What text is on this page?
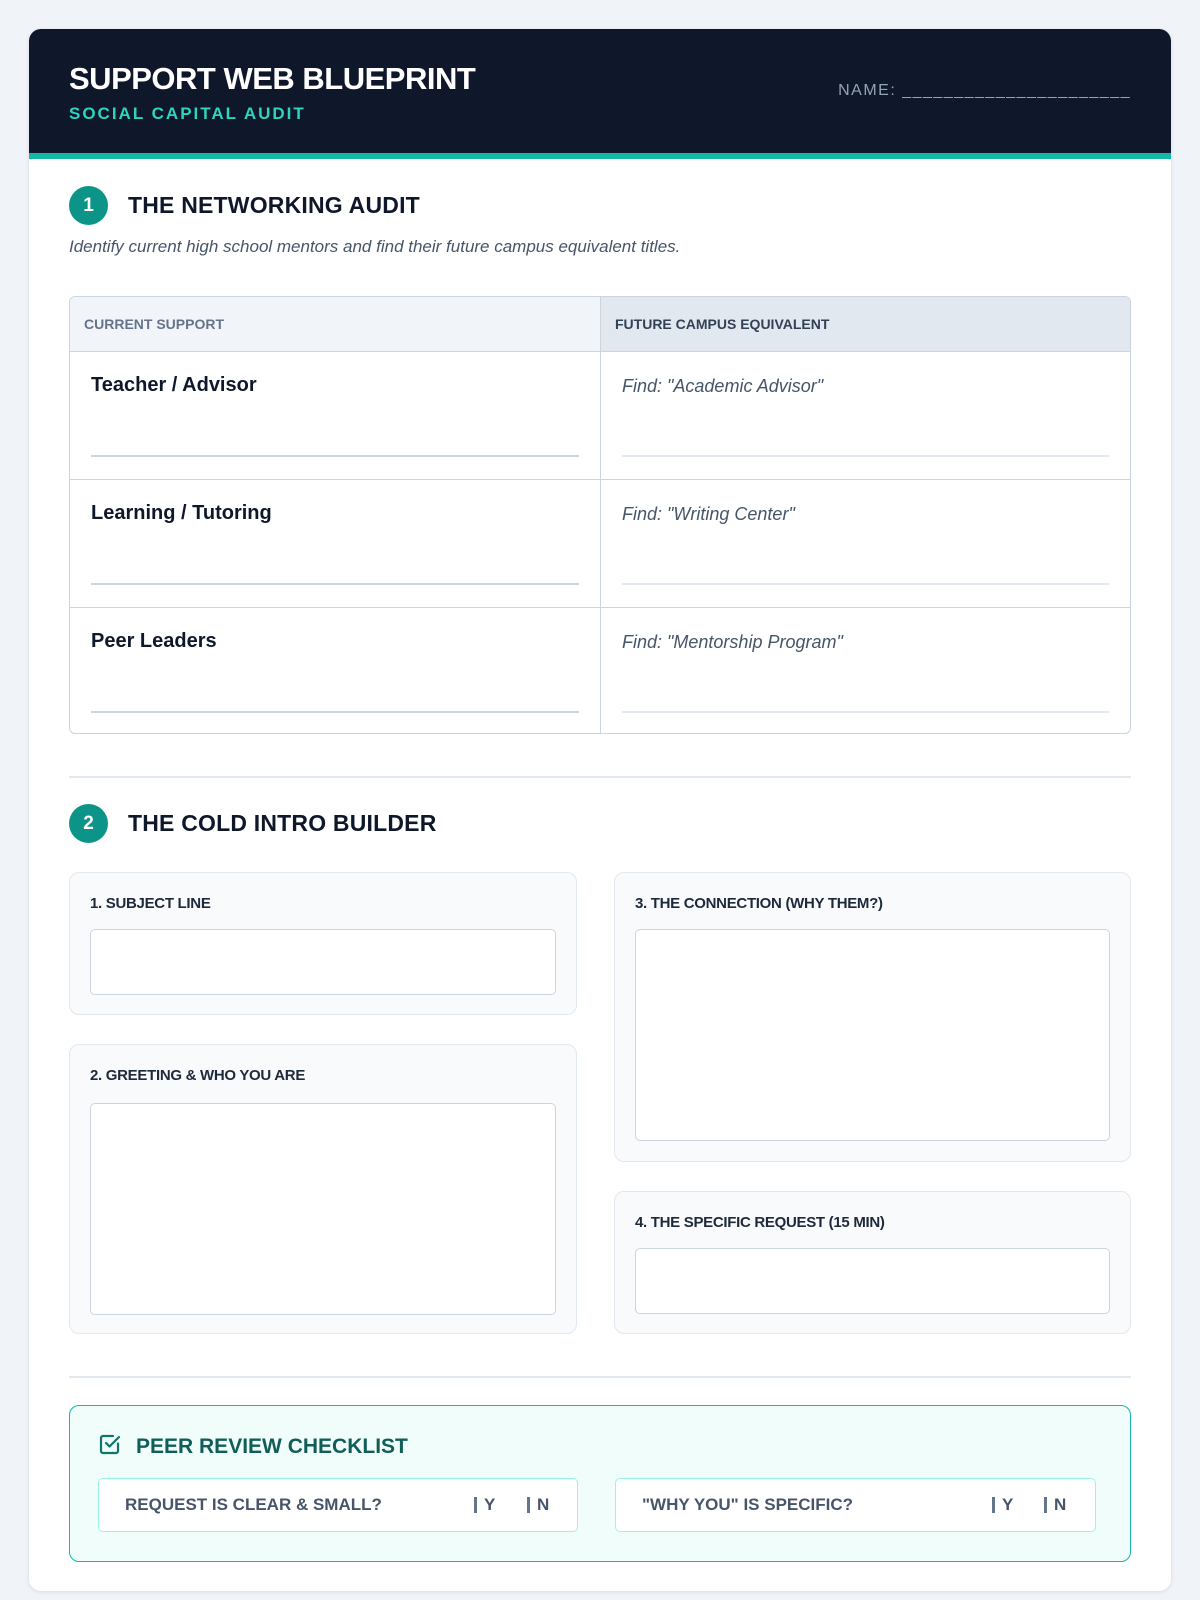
SUPPORT WEB BLUEPRINT
SOCIAL CAPITAL AUDIT
NAME: ______________________
1	THE NETWORKING AUDIT
Identify current high school mentors and find their future campus equivalent titles.
CURRENT SUPPORT	FUTURE CAMPUS EQUIVALENT
Teacher / Advisor	Find: "Academic Advisor"
Learning / Tutoring	Find: "Writing Center"
Peer Leaders	Find: "Mentorship Program"
2	THE COLD INTRO BUILDER
1. SUBJECT LINE
2. GREETING & WHO YOU ARE
3. THE CONNECTION (WHY THEM?)
4. THE SPECIFIC REQUEST (15 MIN)
PEER REVIEW CHECKLIST
REQUEST IS CLEAR & SMALL?	Y N	"WHY YOU" IS SPECIFIC?	Y N
